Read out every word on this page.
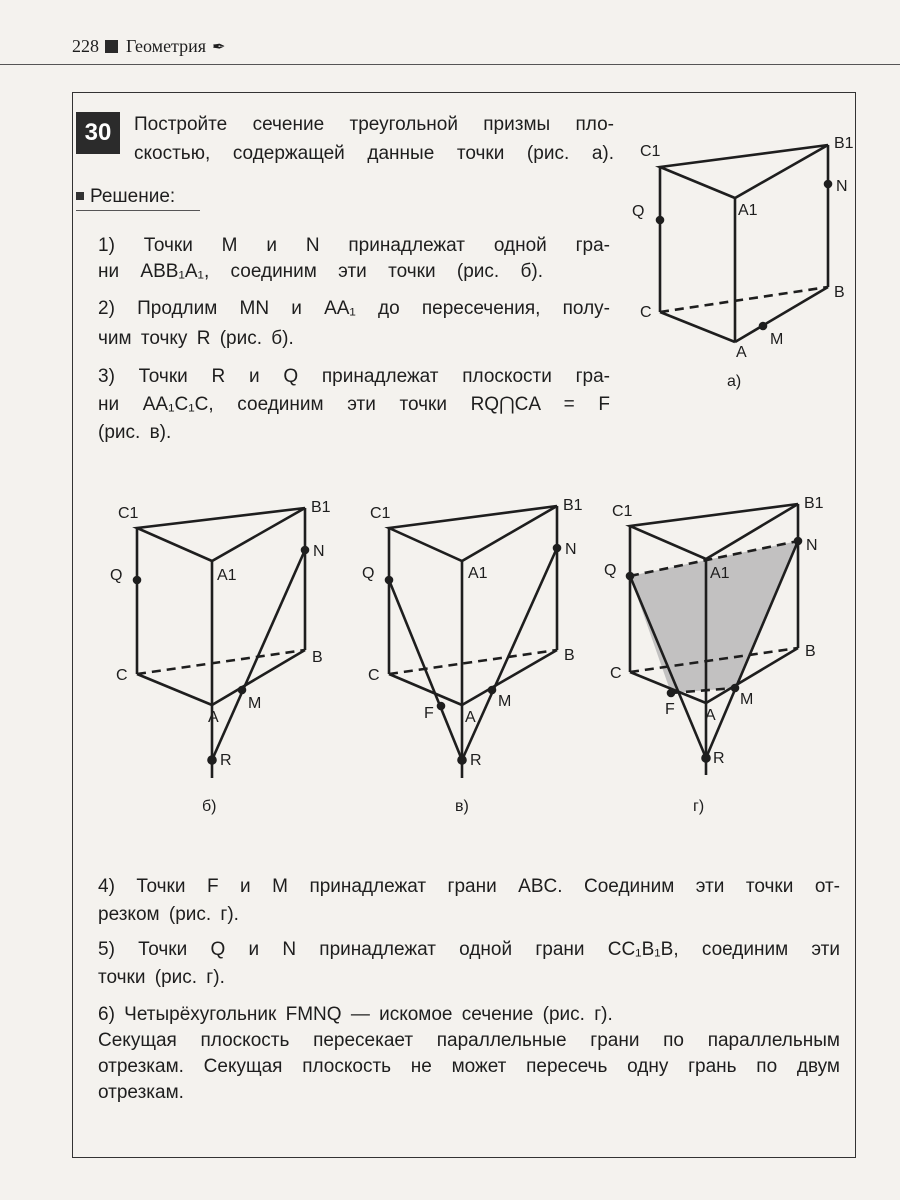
228 Геометрия ✒
30	Постройте сечение треугольной призмы пло-
скостью, содержащей данные точки (рис. а).
Решение:
1) Точки M и N принадлежат одной гра-
ни ABB₁A₁, соединим эти точки (рис. б).
2) Продлим MN и AA₁ до пересечения, полу-
чим точку R (рис. б).
3) Точки R и Q принадлежат плоскости гра-
ни AA₁C₁C, соединим эти точки RQ⋂CA = F
(рис. в).
4) Точки F и M принадлежат грани ABC. Соединим эти точки от-
резком (рис. г).
5) Точки Q и N принадлежат одной грани CC₁B₁B, соединим эти
точки (рис. г).
6) Четырёхугольник FMNQ — искомое сечение (рис. г).
Секущая плоскость пересекает параллельные грани по параллельным
отрезкам. Секущая плоскость не может пересечь одну грань по двум
отрезкам.
C1	B1
A1
N
Q
C
B
A
M
а)
C1	B1
A1
N
Q
C
B
A
M
R
б)
C1	B1
A1
N
Q
C
B
A
M
F
R
в)
C1	B1
A1
N
Q
C
B
A
M
F
R
г)
